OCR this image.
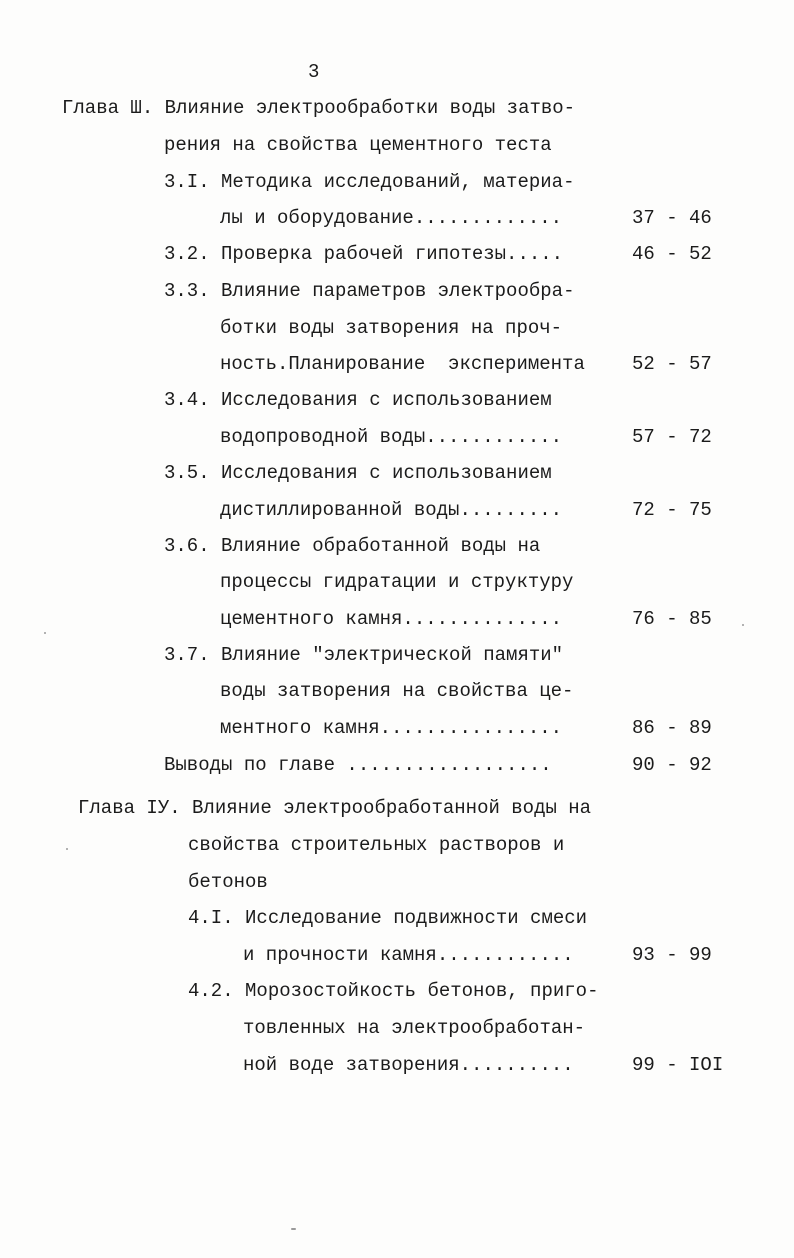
3
Глава Ш. Влияние электрообработки воды затво-
рения на свойства цементного теста
3.I. Методика исследований, материа-
лы и оборудование.............	37 - 46
3.2. Проверка рабочей гипотезы.....	46 - 52
3.3. Влияние параметров электрообра-
ботки воды затворения на проч-
ность.Планирование  эксперимента 52 - 57
3.4. Исследования с использованием
водопроводной воды............	57 - 72
3.5. Исследования с использованием
дистиллированной воды.........	72 - 75
3.6. Влияние обработанной воды на
процессы гидратации и структуру
цементного камня..............	76 - 85
3.7. Влияние "электрической памяти"
воды затворения на свойства це-
ментного камня................	86 - 89
Выводы по главе ..................	90 - 92
Глава IУ. Влияние электрообработанной воды на
свойства строительных растворов и
бетонов
4.I. Исследование подвижности смеси
и прочности камня............	93 - 99
4.2. Морозостойкость бетонов, приго-
товленных на электрообработан-
ной воде затворения..........	99 - IOI
